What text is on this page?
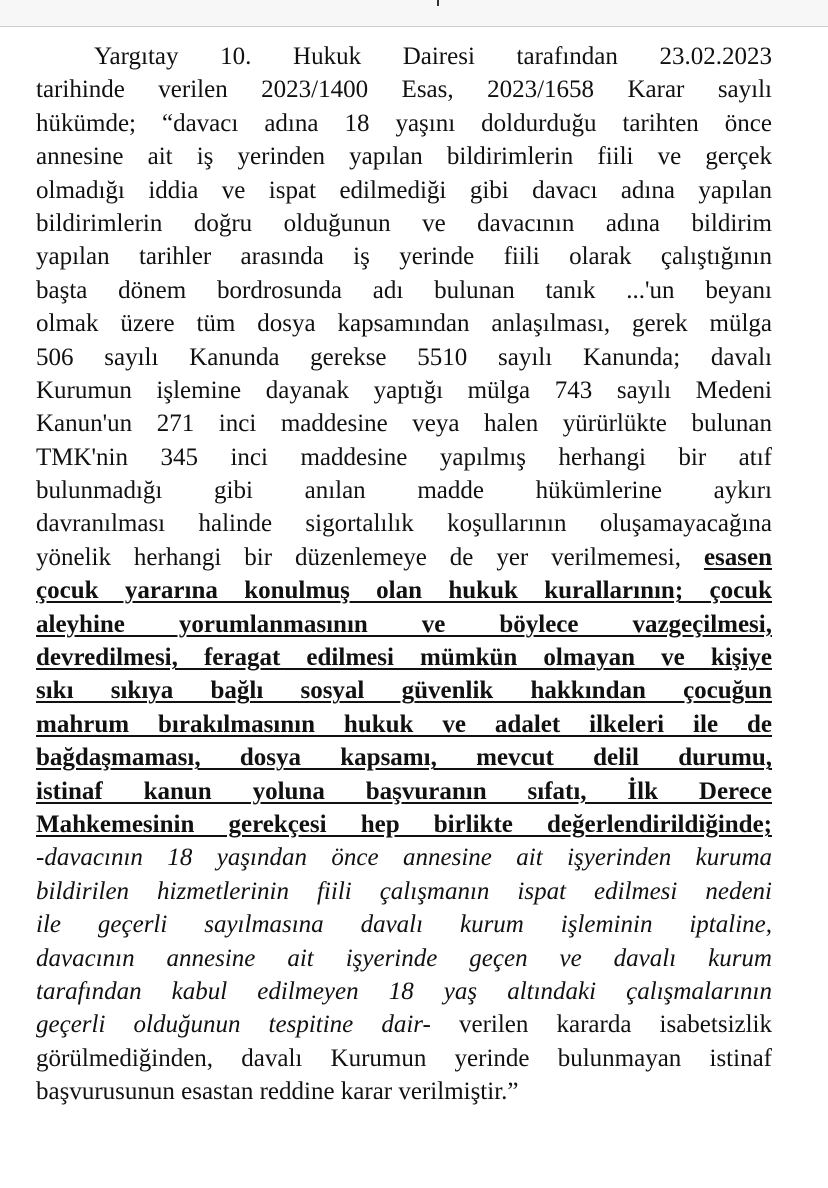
Yargıtay 10. Hukuk Dairesi tarafından 23.02.2023
tarihinde verilen 2023/1400 Esas, 2023/1658 Karar sayılı
hükümde; “davacı adına 18 yaşını doldurduğu tarihten önce
annesine ait iş yerinden yapılan bildirimlerin fiili ve gerçek
olmadığı iddia ve ispat edilmediği gibi davacı adına yapılan
bildirimlerin doğru olduğunun ve davacının adına bildirim
yapılan tarihler arasında iş yerinde fiili olarak çalıştığının
başta dönem bordrosunda adı bulunan tanık ...'un beyanı
olmak üzere tüm dosya kapsamından anlaşılması, gerek mülga
506 sayılı Kanunda gerekse 5510 sayılı Kanunda; davalı
Kurumun işlemine dayanak yaptığı mülga 743 sayılı Medeni
Kanun'un 271 inci maddesine veya halen yürürlükte bulunan
TMK'nin 345 inci maddesine yapılmış herhangi bir atıf
bulunmadığı gibi anılan madde hükümlerine aykırı
davranılması halinde sigortalılık koşullarının oluşamayacağına
yönelik herhangi bir düzenlemeye de yer verilmemesi, esasen
çocuk yararına konulmuş olan hukuk kurallarının; çocuk
aleyhine yorumlanmasının ve böylece vazgeçilmesi,
devredilmesi, feragat edilmesi mümkün olmayan ve kişiye
sıkı sıkıya bağlı sosyal güvenlik hakkından çocuğun
mahrum bırakılmasının hukuk ve adalet ilkeleri ile de
bağdaşmaması, dosya kapsamı, mevcut delil durumu,
istinaf kanun yoluna başvuranın sıfatı, İlk Derece
Mahkemesinin gerekçesi hep birlikte değerlendirildiğinde;
-davacının 18 yaşından önce annesine ait işyerinden kuruma
bildirilen hizmetlerinin fiili çalışmanın ispat edilmesi nedeni
ile geçerli sayılmasına davalı kurum işleminin iptaline,
davacının annesine ait işyerinde geçen ve davalı kurum
tarafından kabul edilmeyen 18 yaş altındaki çalışmalarının
geçerli olduğunun tespitine dair- verilen kararda isabetsizlik
görülmediğinden, davalı Kurumun yerinde bulunmayan istinaf
başvurusunun esastan reddine karar verilmiştir.”
